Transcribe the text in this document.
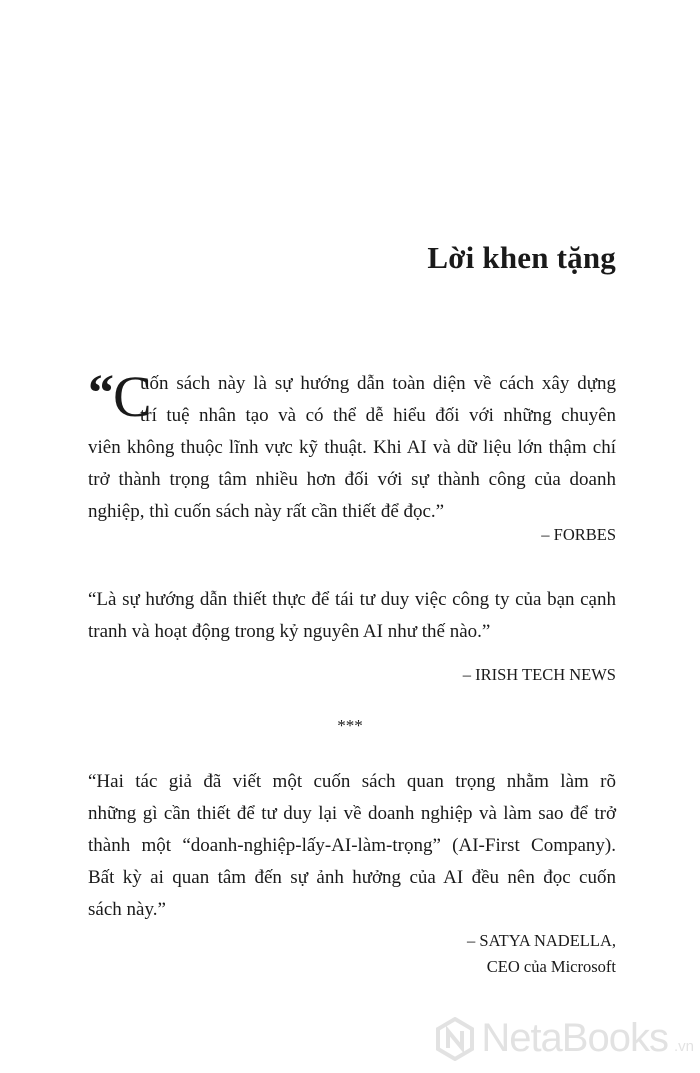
Lời khen tặng
“ C

uốn sách này là sự hướng dẫn toàn diện về cách xây dựng
trí tuệ nhân tạo và có thể dễ hiểu đối với những chuyên
viên không thuộc lĩnh vực kỹ thuật. Khi AI và dữ liệu lớn thậm chí
trở thành trọng tâm nhiều hơn đối với sự thành công của doanh
nghiệp, thì cuốn sách này rất cần thiết để đọc.”

– FORBES

“Là sự hướng dẫn thiết thực để tái tư duy việc công ty của bạn cạnh
tranh và hoạt động trong kỷ nguyên AI như thế nào.”

– IRISH TECH NEWS

***

“Hai tác giả đã viết một cuốn sách quan trọng nhằm làm rõ
những gì cần thiết để tư duy lại về doanh nghiệp và làm sao để trở
thành một “doanh-nghiệp-lấy-AI-làm-trọng” (AI-First Company).
Bất kỳ ai quan tâm đến sự ảnh hưởng của AI đều nên đọc cuốn
sách này.”

– SATYA NADELLA,
CEO của Microsoft
NetaBooks .vn
